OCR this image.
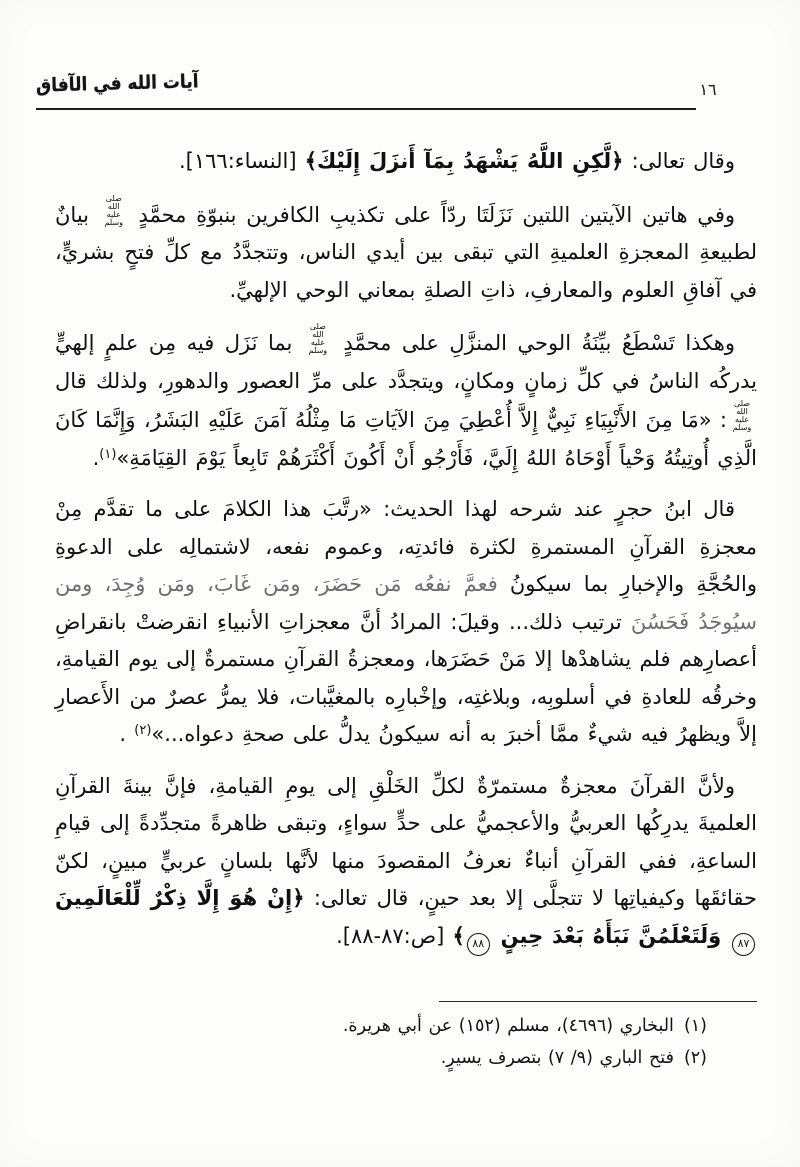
آيات الله في الآفاق	١٦

وقال تعالى: ﴿لَّكِنِ اللَّهُ يَشْهَدُ بِمَآ أَنزَلَ إِلَيْكَ﴾ [النساء:١٦٦].

وفي هاتين الآيتين اللتين نَزَلَتَا ردّاً على تكذيبِ الكافرين بنبوّةِ محمَّدٍ
صلى الله
عليه وسلم
بيانٌ لطبيعةِ المعجزةِ العلميةِ التي تبقى بين أيدي الناس، وتتجدَّدُ مع كلِّ فتحٍ بشريٍّ، في آفاقِ العلوم والمعارفِ، ذاتِ الصلةِ بمعاني الوحي الإلهيِّ.

وهكذا تَسْطَعُ بيِّنَةُ الوحي المنزَّلِ على محمَّدٍ
صلى الله
عليه وسلم
بما نَزَل فيه مِن علمٍ إلهيٍّ يدركُه الناسُ في كلِّ زمانٍ ومكانٍ، ويتجدَّد على مرِّ العصور والدهورِ، ولذلك قال
صلى الله
عليه وسلم
: «مَا مِنَ الأَنْبِيَاءِ نَبِيٌّ إِلاَّ أُعْطِيَ مِنَ الآيَاتِ مَا مِثْلُهُ آمَنَ عَلَيْهِ البَشَرُ، وَإِنَّمَا كَانَ الَّذِي أُوتِيتُهُ وَحْياً أَوْحَاهُ اللهُ إِلَيَّ، فَأَرْجُو أَنْ أَكُونَ أَكْثَرَهُمْ تَابِعاً يَوْمَ القِيَامَةِ»$^{(١)}$.

قال ابنُ حجرٍ عند شرحه لهذا الحديث: «رتَّبَ هذا الكلامَ على ما تقدَّم مِنْ معجزةِ القرآنِ المستمرةِ لكثرة فائدتِه، وعموم نفعه، لاشتمالِه على الدعوةِ والحُجَّةِ والإخبارِ بما سيكونُ فعمَّ نفعُه مَن حَضَرَ، ومَن غَابَ، ومَن وُجِدَ، ومن سيُوجَدُ فَحَسُنَ ترتيب ذلك... وقيلَ: المرادُ أنَّ معجزاتِ الأنبياءِ انقرضتْ بانقراضِ أعصارِهم فلم يشاهدْها إلا مَنْ حَضَرَها، ومعجزةُ القرآنِ مستمرةٌ إلى يوم القيامةِ، وخرقُه للعادةِ في أسلوبِه، وبلاغتِه، وإخْبارِه بالمغيَّبات، فلا يمرُّ عصرٌ من الأَعصارِ إلاَّ ويظهرُ فيه شيءٌ ممَّا أخبرَ به أنه سيكونُ يدلُّ على صحةِ دعواه...»$^{(٢)}$ .

ولأنَّ القرآنَ معجزةٌ مستمرّةٌ لكلِّ الخَلْقِ إلى يومِ القيامةِ، فإنَّ بينةَ القرآنِ العلميةَ يدرِكُها العربيُّ والأعجميُّ على حدٍّ سواءٍ، وتبقى ظاهرةً متجدِّدةً إلى قيامِ الساعةِ، ففي القرآنِ أنباءٌ نعرفُ المقصودَ منها لأنَّها بلسانٍ عربيٍّ مبينٍ، لكنّ حقائقَها وكيفياتِها لا تتجلَّى إلا بعد حينٍ، قال تعالى: ﴿إِنْ هُوَ إِلَّا ذِكْرٌ لِّلْعَالَمِينَ ٨٧ وَلَتَعْلَمُنَّ نَبَأَهُ بَعْدَ حِينٍ ٨٨﴾ [ص:٨٧-٨٨].

(١)البخاري (٤٦٩٦)، مسلم (١٥٢) عن أبي هريرة.
(٢)فتح الباري (٩/ ٧) بتصرف يسيرٍ.
